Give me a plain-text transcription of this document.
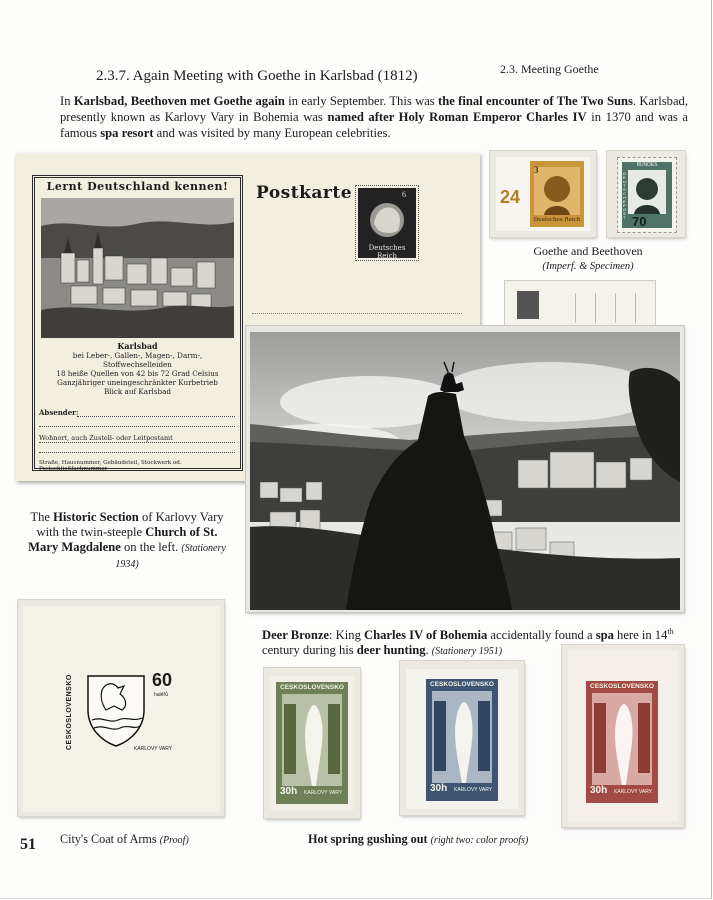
2.3. Meeting Goethe
2.3.7. Again Meeting with Goethe in Karlsbad (1812)
In Karlsbad, Beethoven met Goethe again in early September. This was the final encounter of The Two Suns. Karlsbad, presently known as Karlovy Vary in Bohemia was named after Holy Roman Emperor Charles IV in 1370 and was a famous spa resort and was visited by many European celebrities.
Lernt Deutschland kennen!
Karlsbad
bei Leber-, Gallen-, Magen-, Darm-, Stoffwechselleiden
18 heiße Quellen von 42 bis 72 Grad Celsius
Ganzjähriger uneingeschränkter Kurbetrieb
Blick auf Karlsbad
Absender:
Wohnort, auch Zustell- oder Leitpostamt
Straße, Hausnummer, Gebäudeteil, Stockwerk od. Postschließfachnummer
Postkarte	6
Deutsches Reich
24
3
Deutsches Reich
BUNDES
DEUTSCHE POST 70
Goethe and Beethoven
(Imperf. & Specimen)
The Historic Section of Karlovy Vary with the twin-steeple Church of St. Mary Magdalene on the left. (Stationery 1934)
Deer Bronze: King Charles IV of Bohemia accidentally found a spa here in 14th century during his deer hunting. (Stationery 1951)
CESKOSLOVENSKO	60
haléřů
KARLOVY VARY
City's Coat of Arms (Proof)
CESKOSLOVENSKO
30h KARLOVY VARY
CESKOSLOVENSKO
30h KARLOVY VARY
CESKOSLOVENSKO
30h KARLOVY VARY
Hot spring gushing out (right two: color proofs)
51
